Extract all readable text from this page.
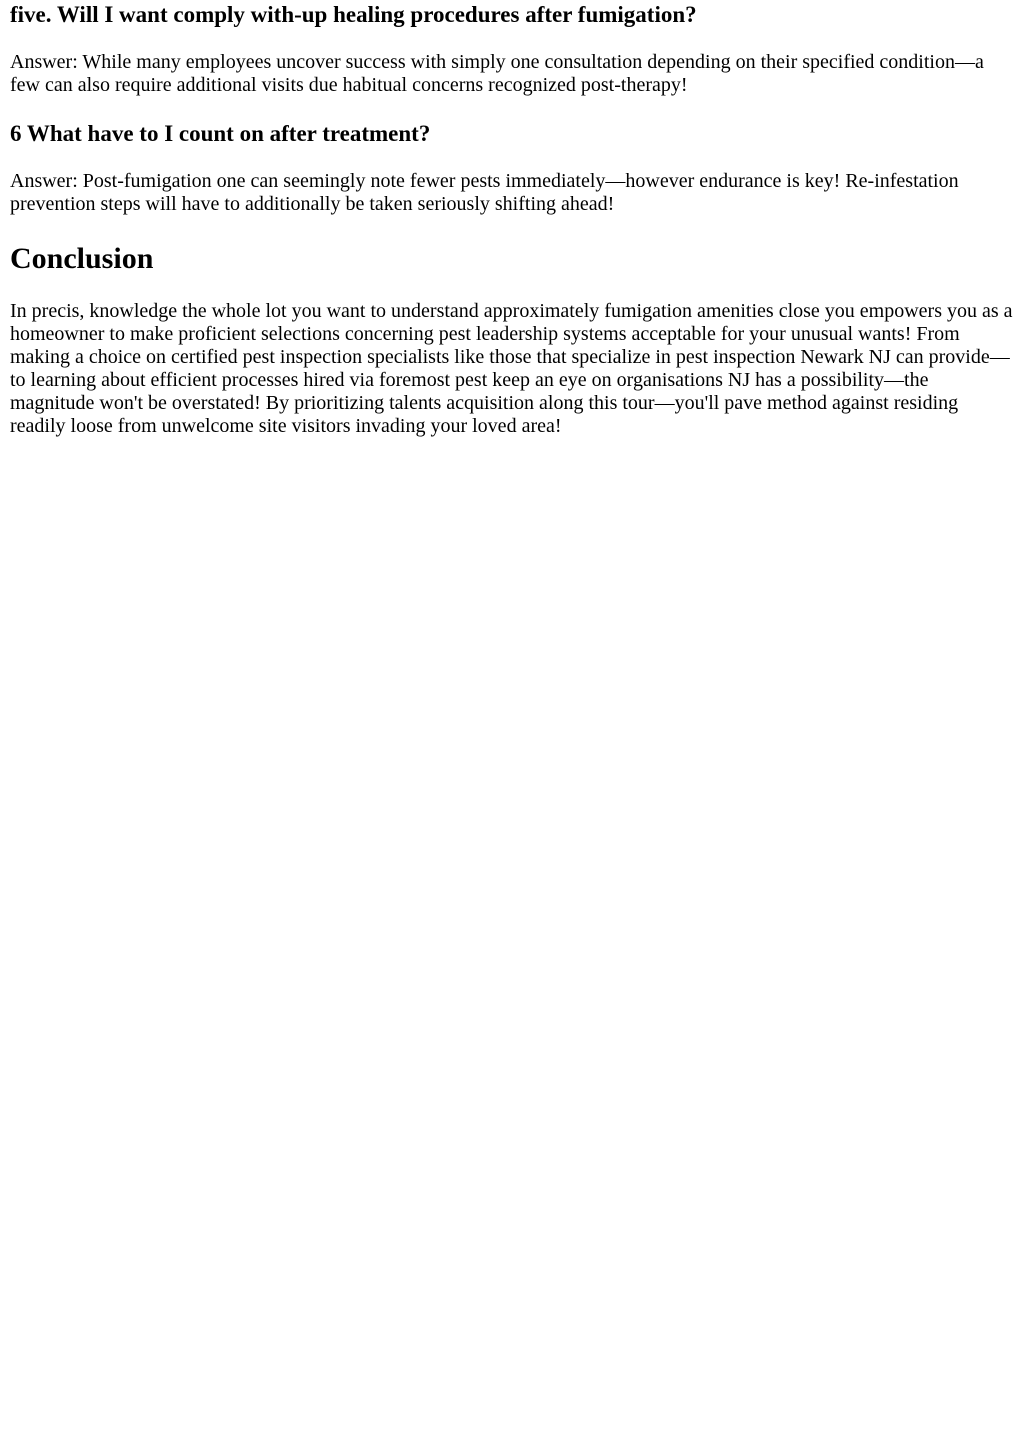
five. Will I want comply with-up healing procedures after fumigation?

Answer: While many employees uncover success with simply one consultation depending on their specified condition—a few can also require additional visits due habitual concerns recognized post-therapy!

6 What have to I count on after treatment?

Answer: Post-fumigation one can seemingly note fewer pests immediately—however endurance is key! Re-infestation prevention steps will have to additionally be taken seriously shifting ahead!

Conclusion

In precis, knowledge the whole lot you want to understand approximately fumigation amenities close you empowers you as a homeowner to make proficient selections concerning pest leadership systems acceptable for your unusual wants! From making a choice on certified pest inspection specialists like those that specialize in pest inspection Newark NJ can provide—to learning about efficient processes hired via foremost pest keep an eye on organisations NJ has a possibility—the magnitude won't be overstated! By prioritizing talents acquisition along this tour—you'll pave method against residing readily loose from unwelcome site visitors invading your loved area!
